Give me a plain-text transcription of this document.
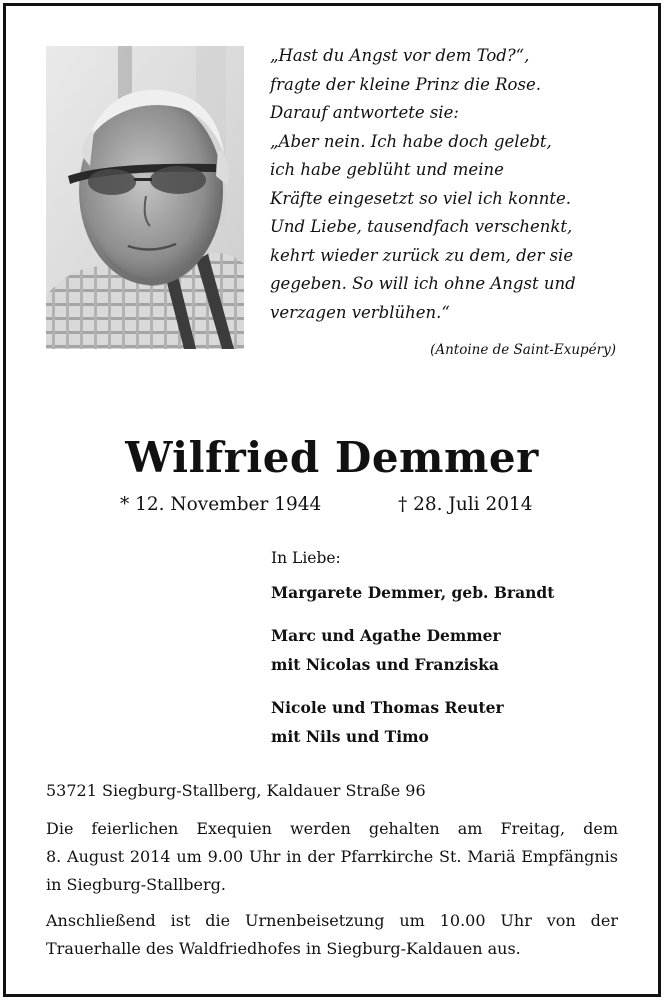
„Hast du Angst vor dem Tod?“,
fragte der kleine Prinz die Rose.
Darauf antwortete sie:
„Aber nein. Ich habe doch gelebt,
ich habe geblüht und meine
Kräfte eingesetzt so viel ich konnte.
Und Liebe, tausendfach verschenkt,
kehrt wieder zurück zu dem, der sie
gegeben. So will ich ohne Angst und
verzagen verblühen.“
(Antoine de Saint-Exupéry)
Wilfried Demmer
* 12. November 1944	† 28. Juli 2014
In Liebe:
Margarete Demmer, geb. Brandt
Marc und Agathe Demmer
mit Nicolas und Franziska
Nicole und Thomas Reuter
mit Nils und Timo
53721 Siegburg-Stallberg, Kaldauer Straße 96
Die feierlichen Exequien werden gehalten am Freitag, dem
8. August 2014 um 9.00 Uhr in der Pfarrkirche St. Mariä Empfängnis
in Siegburg-Stallberg.
Anschließend ist die Urnenbeisetzung um 10.00 Uhr von der
Trauerhalle des Waldfriedhofes in Siegburg-Kaldauen aus.
